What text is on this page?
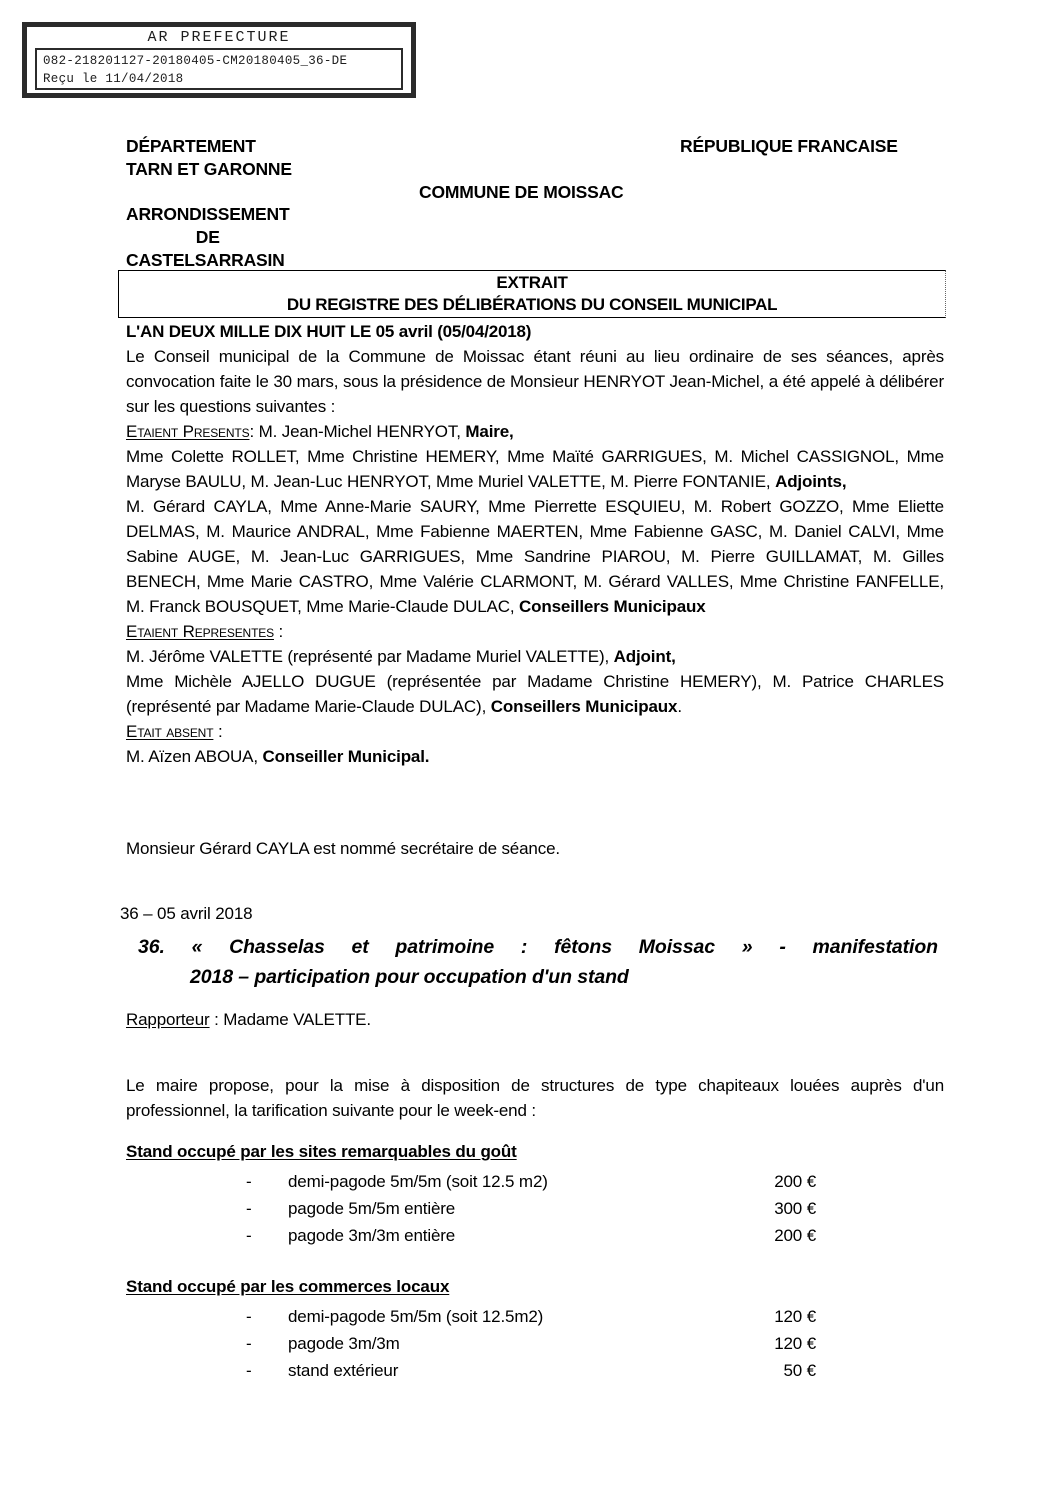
AR PREFECTURE
082-218201127-20180405-CM20180405_36-DE
Reçu le 11/04/2018
DÉPARTEMENT
TARN ET GARONNE
RÉPUBLIQUE FRANCAISE
COMMUNE DE MOISSAC
ARRONDISSEMENT
DE
CASTELSARRASIN
EXTRAIT
DU REGISTRE DES DÉLIBÉRATIONS DU CONSEIL MUNICIPAL

L'AN DEUX MILLE DIX HUIT LE 05 avril (05/04/2018)

Le Conseil municipal de la Commune de Moissac étant réuni au lieu ordinaire de ses séances, après convocation faite le 30 mars, sous la présidence de Monsieur HENRYOT Jean-Michel, a été appelé à délibérer sur les questions suivantes :

Etaient Presents: M. Jean-Michel HENRYOT, Maire,

Mme Colette ROLLET, Mme Christine HEMERY, Mme Maïté GARRIGUES, M. Michel CASSIGNOL, Mme Maryse BAULU, M. Jean-Luc HENRYOT, Mme Muriel VALETTE, M. Pierre FONTANIE, Adjoints,

M. Gérard CAYLA, Mme Anne-Marie SAURY, Mme Pierrette ESQUIEU, M. Robert GOZZO, Mme Eliette DELMAS, M. Maurice ANDRAL, Mme Fabienne MAERTEN, Mme Fabienne GASC, M. Daniel CALVI, Mme Sabine AUGE, M. Jean-Luc GARRIGUES, Mme Sandrine PIAROU, M. Pierre GUILLAMAT, M. Gilles BENECH, Mme Marie CASTRO, Mme Valérie CLARMONT, M. Gérard VALLES, Mme Christine FANFELLE, M. Franck BOUSQUET, Mme Marie-Claude DULAC, Conseillers Municipaux

Etaient Representes :

M. Jérôme VALETTE (représenté par Madame Muriel VALETTE), Adjoint,

Mme Michèle AJELLO DUGUE (représentée par Madame Christine HEMERY), M. Patrice CHARLES (représenté par Madame Marie-Claude DULAC), Conseillers Municipaux.

Etait absent :

M. Aïzen ABOUA, Conseiller Municipal.

Monsieur Gérard CAYLA est nommé secrétaire de séance.
36 – 05 avril 2018
36. « Chasselas et patrimoine : fêtons Moissac » - manifestation
2018 – participation pour occupation d'un stand
Rapporteur : Madame VALETTE.
Le maire propose, pour la mise à disposition de structures de type chapiteaux louées auprès d'un professionnel, la tarification suivante pour le week-end :
Stand occupé par les sites remarquables du goût
-	demi-pagode 5m/5m (soit 12.5 m2)	200 €
-	pagode 5m/5m entière	300 €
-	pagode 3m/3m entière	200 €
Stand occupé par les commerces locaux
-	demi-pagode 5m/5m (soit 12.5m2)	120 €
-	pagode 3m/3m	120 €
-	stand extérieur	50 €
